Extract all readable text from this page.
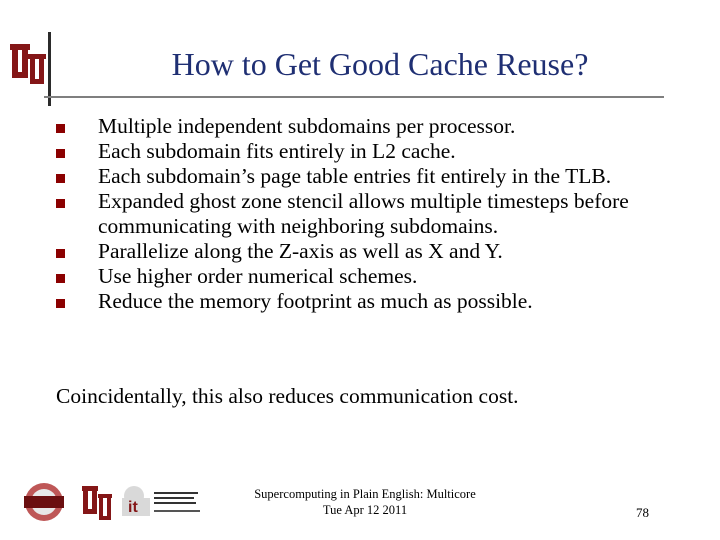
How to Get Good Cache Reuse?
Multiple independent subdomains per processor.
Each subdomain fits entirely in L2 cache.
Each subdomain’s page table entries fit entirely in the TLB.
Expanded ghost zone stencil allows multiple timesteps before communicating with neighboring subdomains.
Parallelize along the Z-axis as well as X and Y.
Use higher order numerical schemes.
Reduce the memory footprint as much as possible.
Coincidentally, this also reduces communication cost.
it
Supercomputing in Plain English: Multicore
Tue Apr 12 2011	78
